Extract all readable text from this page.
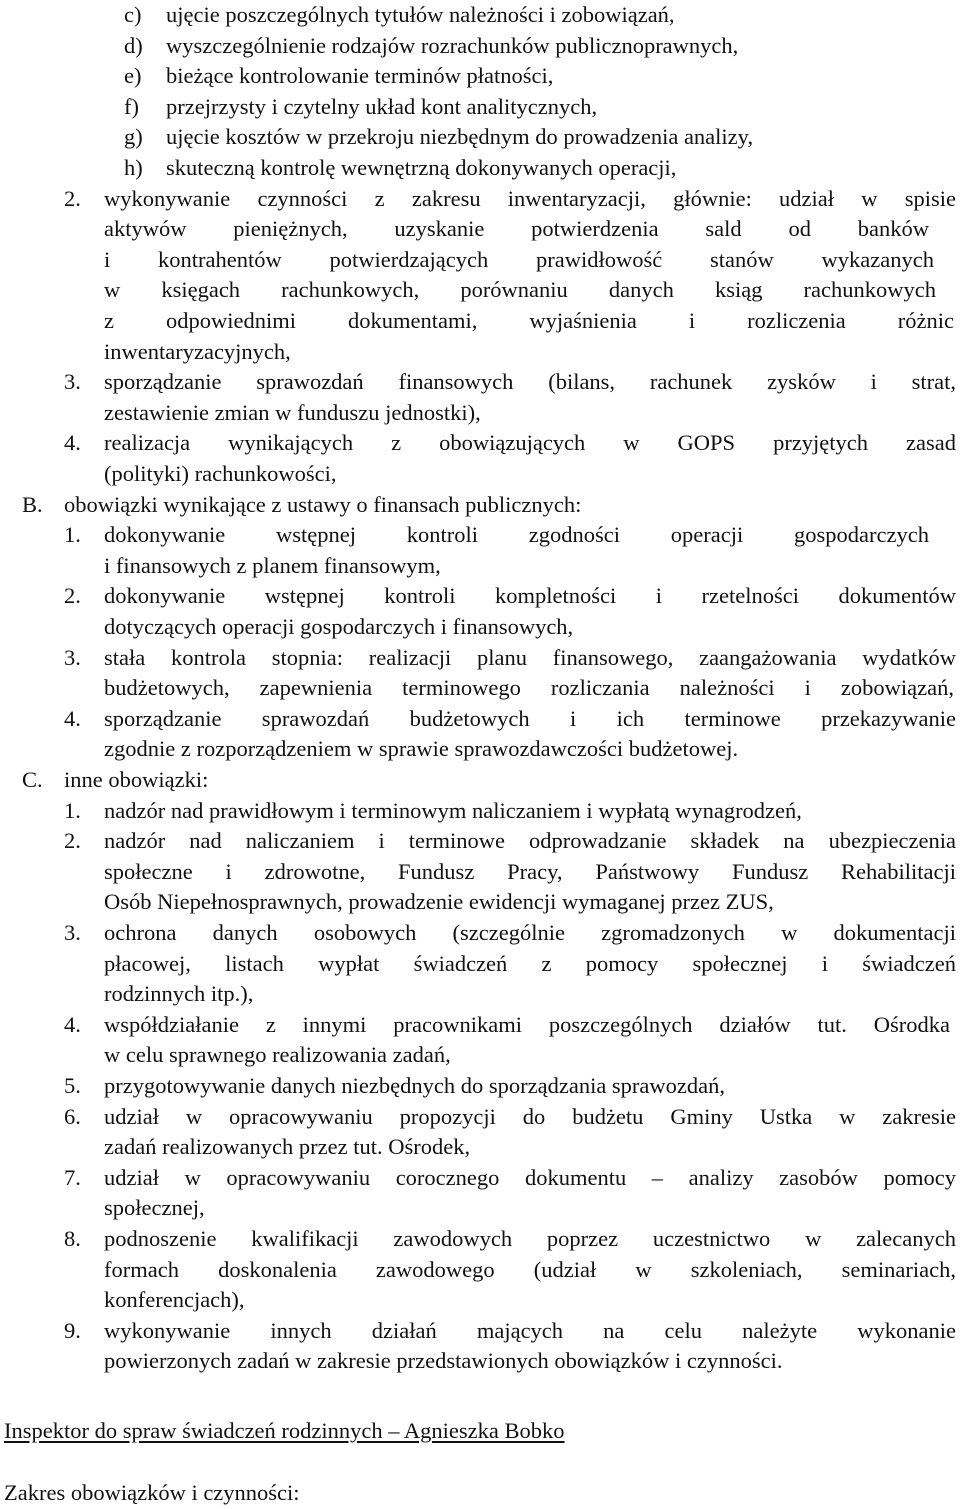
c) ujęcie poszczególnych tytułów należności i zobowiązań,
d) wyszczególnienie rodzajów rozrachunków publicznoprawnych,
e) bieżące kontrolowanie terminów płatności,
f) przejrzysty i czytelny układ kont analitycznych,
g) ujęcie kosztów w przekroju niezbędnym do prowadzenia analizy,
h) skuteczną kontrolę wewnętrzną dokonywanych operacji,
2. wykonywanie czynności z zakresu inwentaryzacji, głównie: udział w spisie
aktywów pieniężnych, uzyskanie potwierdzenia sald od banków
i kontrahentów potwierdzających prawidłowość stanów wykazanych
w księgach rachunkowych, porównaniu danych ksiąg rachunkowych
z odpowiednimi dokumentami, wyjaśnienia i rozliczenia różnic
inwentaryzacyjnych,
3. sporządzanie sprawozdań finansowych (bilans, rachunek zysków i strat,
zestawienie zmian w funduszu jednostki),
4. realizacja wynikających z obowiązujących w GOPS przyjętych zasad
(polityki) rachunkowości,
B. obowiązki wynikające z ustawy o finansach publicznych:
1. dokonywanie wstępnej kontroli zgodności operacji gospodarczych
i finansowych z planem finansowym,
2. dokonywanie wstępnej kontroli kompletności i rzetelności dokumentów
dotyczących operacji gospodarczych i finansowych,
3. stała kontrola stopnia: realizacji planu finansowego, zaangażowania wydatków
budżetowych, zapewnienia terminowego rozliczania należności i zobowiązań,
4. sporządzanie sprawozdań budżetowych i ich terminowe przekazywanie
zgodnie z rozporządzeniem w sprawie sprawozdawczości budżetowej.
C. inne obowiązki:
1. nadzór nad prawidłowym i terminowym naliczaniem i wypłatą wynagrodzeń,
2. nadzór nad naliczaniem i terminowe odprowadzanie składek na ubezpieczenia
społeczne i zdrowotne, Fundusz Pracy, Państwowy Fundusz Rehabilitacji
Osób Niepełnosprawnych, prowadzenie ewidencji wymaganej przez ZUS,
3. ochrona danych osobowych (szczególnie zgromadzonych w dokumentacji
płacowej, listach wypłat świadczeń z pomocy społecznej i świadczeń
rodzinnych itp.),
4. współdziałanie z innymi pracownikami poszczególnych działów tut. Ośrodka
w celu sprawnego realizowania zadań,
5. przygotowywanie danych niezbędnych do sporządzania sprawozdań,
6. udział w opracowywaniu propozycji do budżetu Gminy Ustka w zakresie
zadań realizowanych przez tut. Ośrodek,
7. udział w opracowywaniu corocznego dokumentu – analizy zasobów pomocy
społecznej,
8. podnoszenie kwalifikacji zawodowych poprzez uczestnictwo w zalecanych
formach doskonalenia zawodowego (udział w szkoleniach, seminariach,
konferencjach),
9. wykonywanie innych działań mających na celu należyte wykonanie
powierzonych zadań w zakresie przedstawionych obowiązków i czynności.
Inspektor do spraw świadczeń rodzinnych – Agnieszka Bobko
Zakres obowiązków i czynności:
